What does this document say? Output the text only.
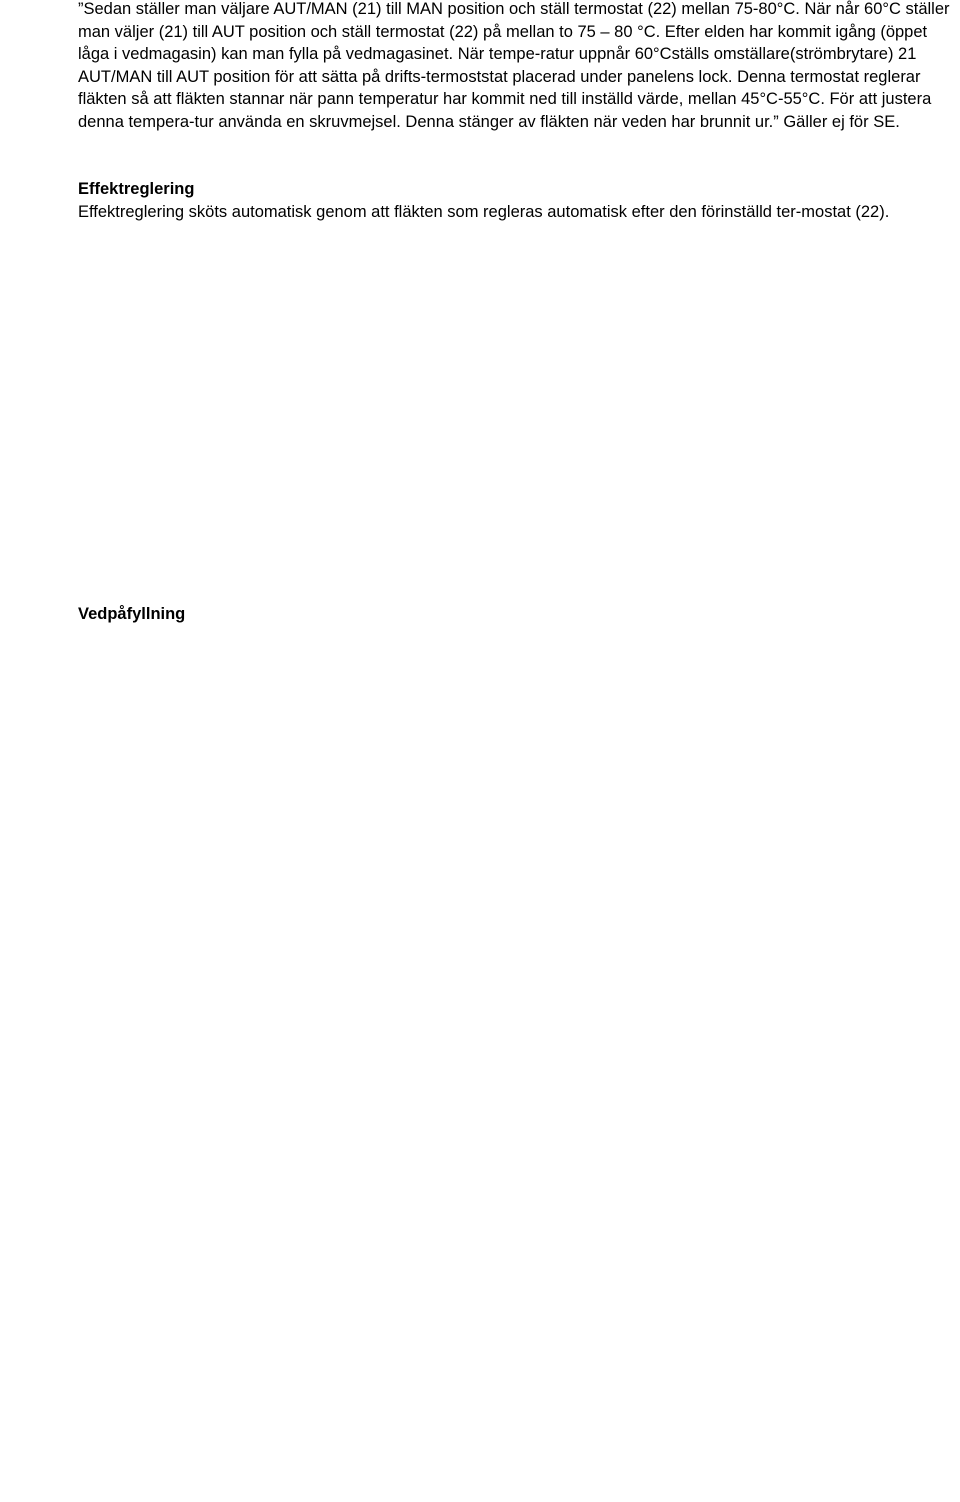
”Sedan ställer man väljare AUT/MAN (21) till MAN position och ställ termostat (22) mellan 75-80°C. När når 60°C ställer man väljer (21) till AUT position och ställ termostat (22) på mellan to 75 – 80 °C. Efter elden har kommit igång (öppet låga i vedmagasin) kan man fylla på vedmagasinet. När tempe-ratur uppnår 60°Cställs omställare(strömbrytare) 21 AUT/MAN till AUT position för att sätta på drifts-termoststat placerad under panelens lock. Denna termostat reglerar fläkten så att fläkten stannar när pann temperatur har kommit ned till inställd värde, mellan 45°C-55°C. För att justera denna tempera-tur använda en skruvmejsel. Denna stänger av fläkten när veden har brunnit ur.” Gäller ej för SE.

Effektreglering

Effektreglering sköts automatisk genom att fläkten som regleras automatisk efter den förinställd ter-mostat (22).

Vedpåfyllning
